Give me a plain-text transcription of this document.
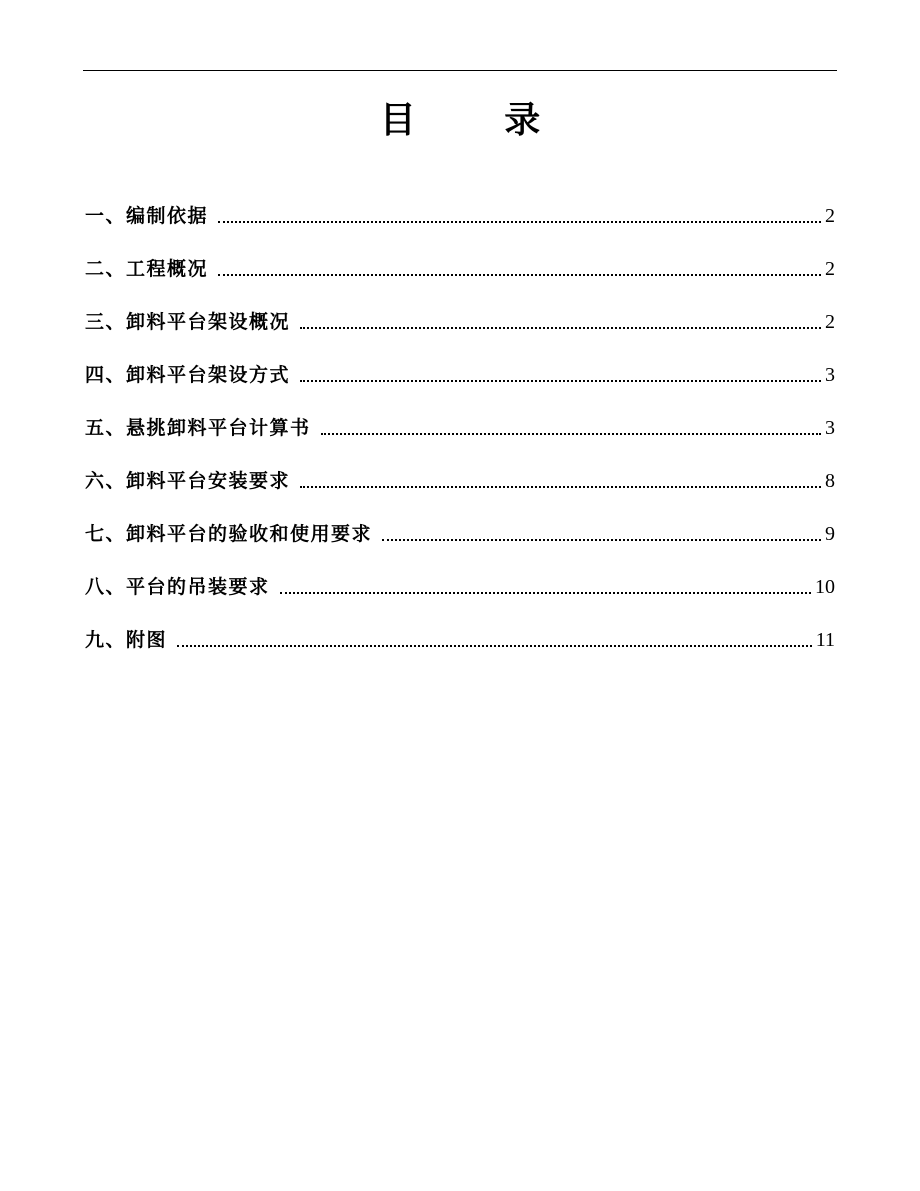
目 录
一、编制依据	2
二、工程概况	2
三、卸料平台架设概况	2
四、卸料平台架设方式	3
五、悬挑卸料平台计算书	3
六、卸料平台安装要求	8
七、卸料平台的验收和使用要求	9
八、平台的吊装要求	10
九、附图	11
